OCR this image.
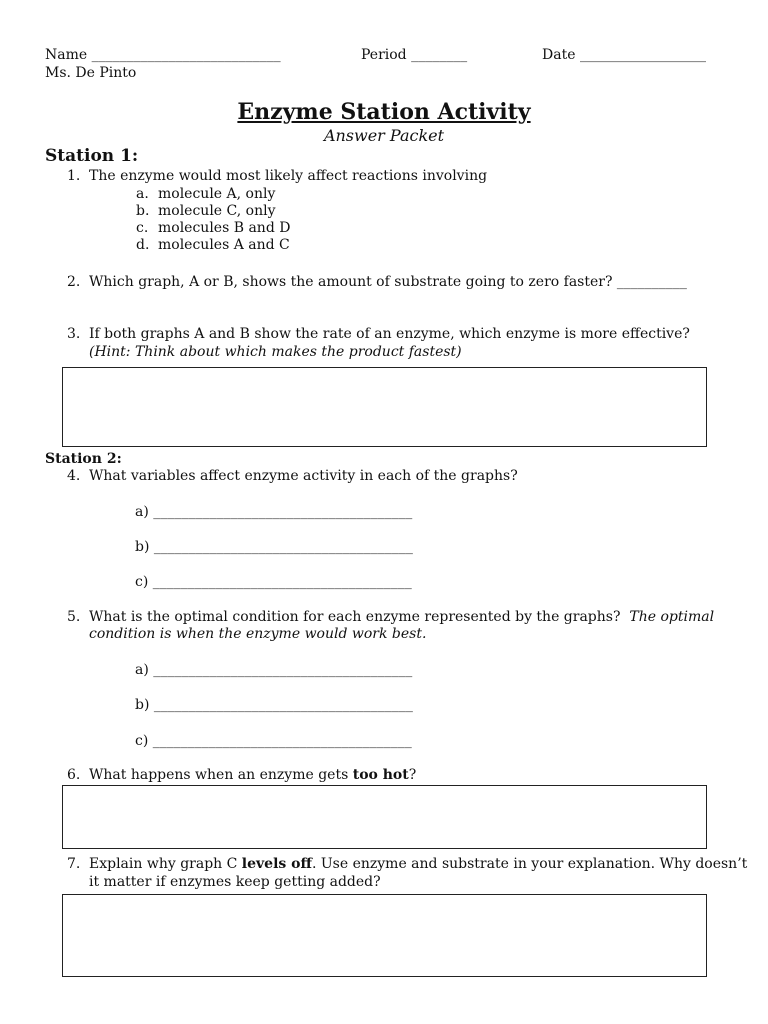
Name ___________________________	Period ________	Date __________________
Ms. De Pinto
Enzyme Station Activity
Answer Packet
Station 1:
1. The enzyme would most likely affect reactions involving
a. molecule A, only
b. molecule C, only
c. molecules B and D
d. molecules A and C
2. Which graph, A or B, shows the amount of substrate going to zero faster? __________
3. If both graphs A and B show the rate of an enzyme, which enzyme is more effective?
(Hint: Think about which makes the product fastest)
Station 2:
4. What variables affect enzyme activity in each of the graphs?
a) _____________________________________
b) _____________________________________
c) _____________________________________
5. What is the optimal condition for each enzyme represented by the graphs? The optimal
condition is when the enzyme would work best.
a) _____________________________________
b) _____________________________________
c) _____________________________________
6. What happens when an enzyme gets too hot?
7. Explain why graph C levels off. Use enzyme and substrate in your explanation. Why doesn’t
it matter if enzymes keep getting added?
